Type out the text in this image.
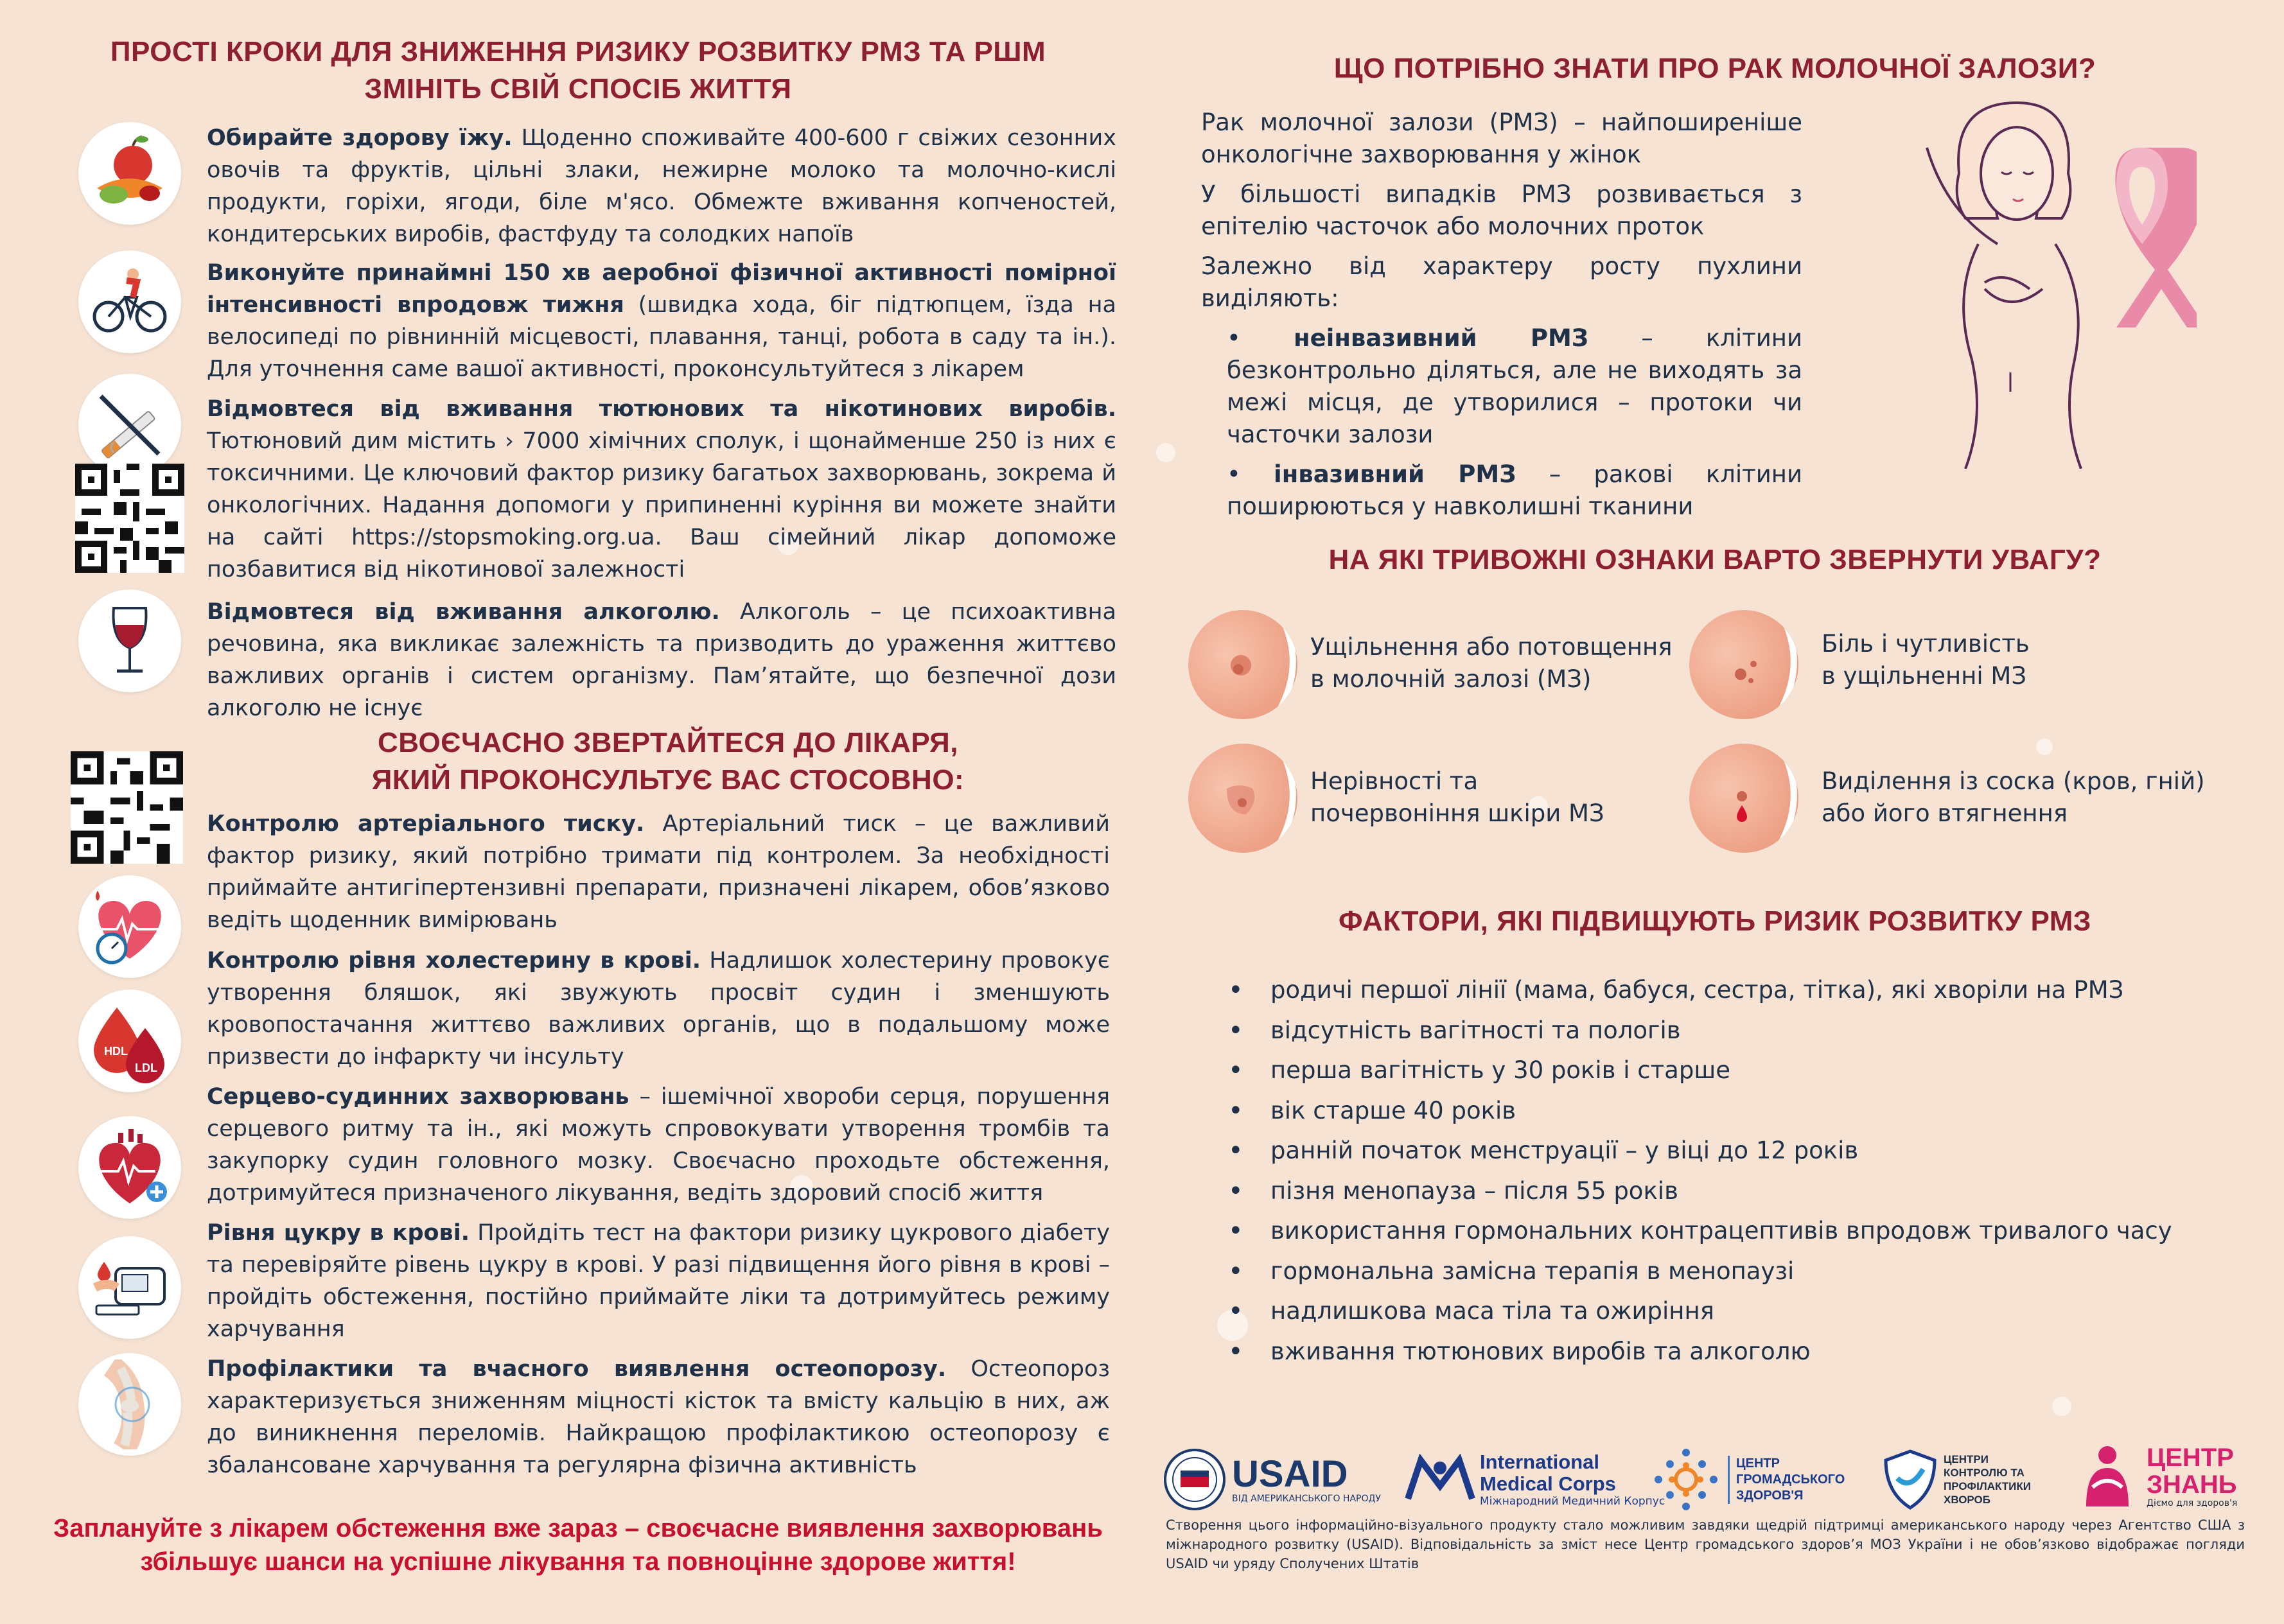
ПРОСТІ КРОКИ ДЛЯ ЗНИЖЕННЯ РИЗИКУ РОЗВИТКУ РМЗ ТА РШМ
ЗМІНІТЬ СВІЙ СПОСІБ ЖИТТЯ

Обирайте здорову їжу. Щоденно споживайте 400-600 г свіжих сезонних овочів та фруктів, цільні злаки, нежирне молоко та молочно-кислі продукти, горіхи, ягоди, біле м'ясо. Обмежте вживання копченостей, кондитерських виробів, фастфуду та солодких напоїв

Виконуйте принаймні 150 хв аеробної фізичної активності помірної інтенсивності впродовж тижня (швидка хода, біг підтюпцем, їзда на велосипеді по рівнинній місцевості, плавання, танці, робота в саду та ін.). Для уточнення саме вашої активності, проконсультуйтеся з лікарем

Відмовтеся від вживання тютюнових та нікотинових виробів. Тютюновий дим містить › 7000 хімічних сполук, і щонайменше 250 із них є токсичними. Це ключовий фактор ризику багатьох захворювань, зокрема й онкологічних. Надання допомоги у припиненні куріння ви можете знайти на сайті https://stopsmoking.org.ua. Ваш сімейний лікар допоможе позбавитися від нікотинової залежності

Відмовтеся від вживання алкоголю. Алкоголь – це психоактивна речовина, яка викликає залежність та призводить до ураження життєво важливих органів і систем організму. Пам’ятайте, що безпечної дози алкоголю не існує

СВОЄЧАСНО ЗВЕРТАЙТЕСЯ ДО ЛІКАРЯ,
ЯКИЙ ПРОКОНСУЛЬТУЄ ВАС СТОСОВНО:

Контролю артеріального тиску. Артеріальний тиск – це важливий фактор ризику, який потрібно тримати під контролем. За необхідності приймайте антигіпертензивні препарати, призначені лікарем, обов’язково ведіть щоденник вимірювань

HDL
LDL

Контролю рівня холестерину в крові. Надлишок холестерину провокує утворення бляшок, які звужують просвіт судин і зменшують кровопостачання життєво важливих органів, що в подальшому може призвести до інфаркту чи інсульту

Серцево-судинних захворювань – ішемічної хвороби серця, порушення серцевого ритму та ін., які можуть спровокувати утворення тромбів та закупорку судин головного мозку. Своєчасно проходьте обстеження, дотримуйтеся призначеного лікування, ведіть здоровий спосіб життя

Рівня цукру в крові. Пройдіть тест на фактори ризику цукрового діабету та перевіряйте рівень цукру в крові. У разі підвищення його рівня в крові – пройдіть обстеження, постійно приймайте ліки та дотримуйтесь режиму харчування

Профілактики та вчасного виявлення остеопорозу. Остеопороз характеризується зниженням міцності кісток та вмісту кальцію в них, аж до виникнення переломів. Найкращою профілактикою остеопорозу є збалансоване харчування та регулярна фізична активність

Заплануйте з лікарем обстеження вже зараз – своєчасне виявлення захворювань
збільшує шанси на успішне лікування та повноцінне здорове життя!
ЩО ПОТРІБНО ЗНАТИ ПРО РАК МОЛОЧНОЇ ЗАЛОЗИ?

Рак молочної залози (РМЗ) – найпоширеніше онкологічне захворювання у жінок

У більшості випадків РМЗ розвивається з епітелію часточок або молочних проток

Залежно від характеру росту пухлини виділяють:

• неінвазивний РМЗ – клітини безконтрольно діляться, але не виходять за межі місця, де утворилися – протоки чи часточки залози

• інвазивний РМЗ – ракові клітини поширюються у навколишні тканини

НА ЯКІ ТРИВОЖНІ ОЗНАКИ ВАРТО ЗВЕРНУТИ УВАГУ?
Ущільнення або потовщення
в молочній залозі (МЗ)
Біль і чутливість
в ущільненні МЗ
Нерівності та
почервоніння шкіри МЗ
Виділення із соска (кров, гній)
або його втягнення
ФАКТОРИ, ЯКІ ПІДВИЩУЮТЬ РИЗИК РОЗВИТКУ РМЗ
• родичі першої лінії (мама, бабуся, сестра, тітка), які хворіли на РМЗ
• відсутність вагітності та пологів
• перша вагітність у 30 років і старше
• вік старше 40 років
• ранній початок менструації – у віці до 12 років
• пізня менопауза – після 55 років
• використання гормональних контрацептивів впродовж тривалого часу
• гормональна замісна терапія в менопаузі
• надлишкова маса тіла та ожиріння
• вживання тютюнових виробів та алкоголю
USAID
ВІД АМЕРИКАНСЬКОГО НАРОДУ
International
Medical Corps
Міжнародний Медичний Корпус
ЦЕНТР
ГРОМАДСЬКОГО
ЗДОРОВ'Я
ЦЕНТРИ
КОНТРОЛЮ ТА
ПРОФІЛАКТИКИ
ХВОРОБ
ЦЕНТР
ЗНАНЬ
Діємо для здоров'я
Створення цього інформаційно-візуального продукту стало можливим завдяки щедрій підтримці американського народу через Агентство США з міжнародного розвитку (USAID). Відповідальність за зміст несе Центр громадського здоров’я МОЗ України і не обов’язково відображає погляди USAID чи уряду Сполучених Штатів
